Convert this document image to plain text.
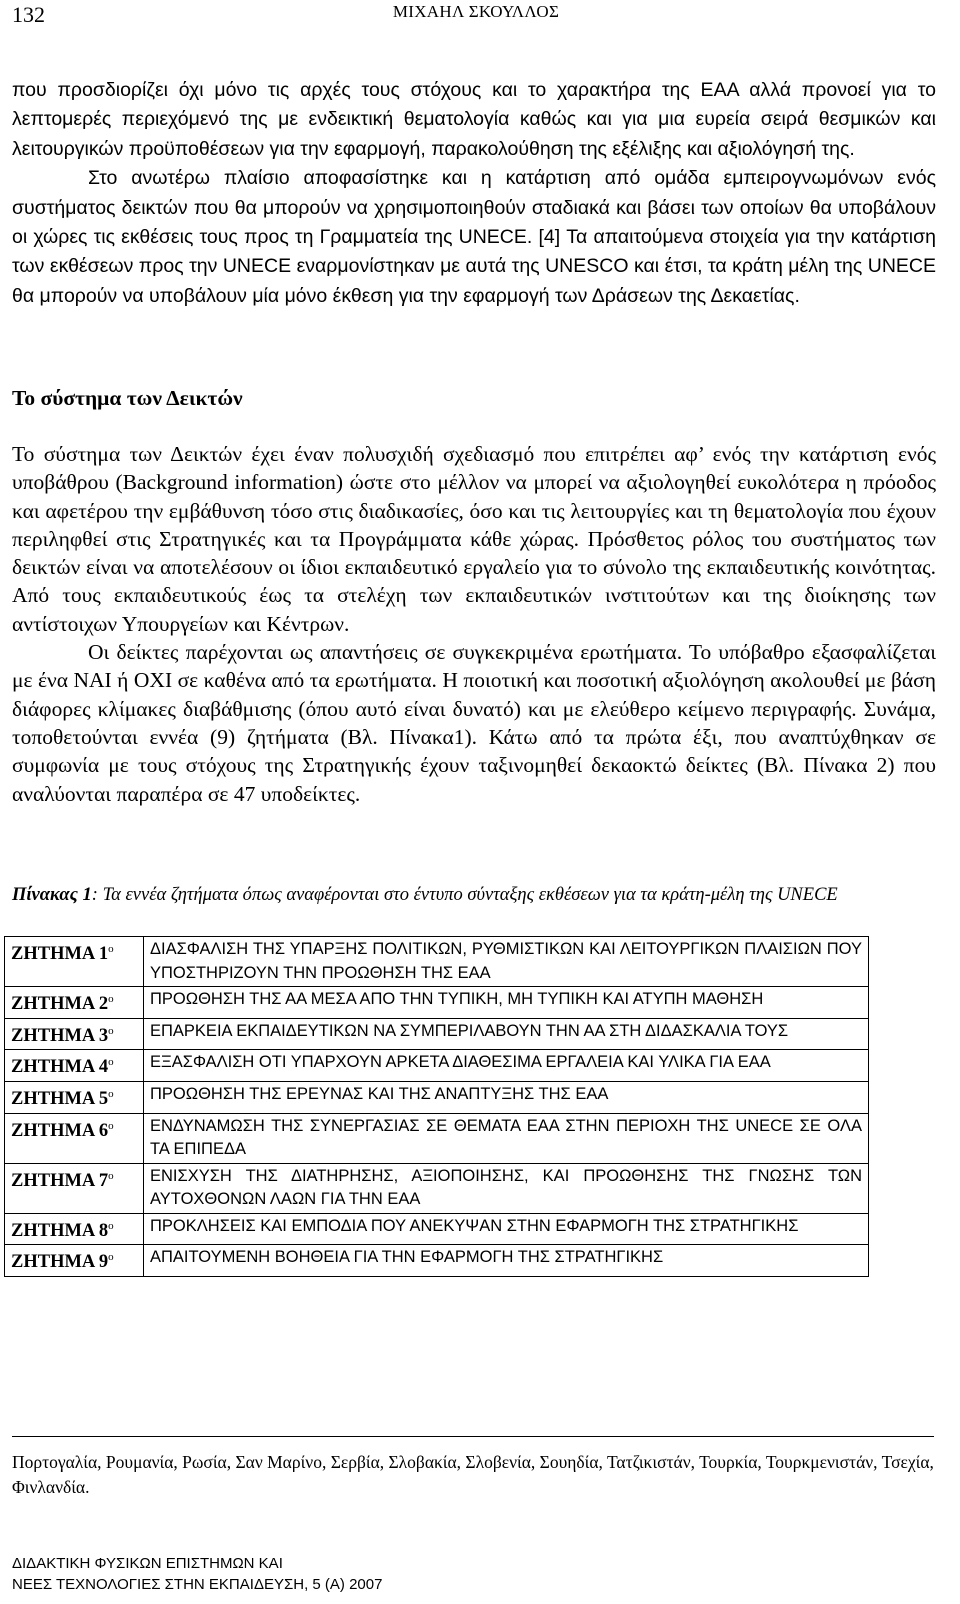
132	ΜΙΧΑΗΛ ΣΚΟΥΛΛΟΣ
που προσδιορίζει όχι μόνο τις αρχές τους στόχους και το χαρακτήρα της ΕΑΑ αλλά προνοεί για το λεπτομερές περιεχόμενό της με ενδεικτική θεματολογία καθώς και για μια ευρεία σειρά θεσμικών και λειτουργικών προϋποθέσεων για την εφαρμογή, παρακολούθηση της εξέλιξης και αξιολόγησή της.
Στο ανωτέρω πλαίσιο αποφασίστηκε και η κατάρτιση από ομάδα εμπειρογνωμόνων ενός συστήματος δεικτών που θα μπορούν να χρησιμοποιηθούν σταδιακά και βάσει των οποίων θα υποβάλουν οι χώρες τις εκθέσεις τους προς τη Γραμματεία της UNECE. [4] Τα απαιτούμενα στοιχεία για την κατάρτιση των εκθέσεων προς την UNECE εναρμονίστηκαν με αυτά της UNESCO και έτσι, τα κράτη μέλη της UNECE θα μπορούν να υποβάλουν μία μόνο έκθεση για την εφαρμογή των Δράσεων της Δεκαετίας.
Το σύστημα των Δεικτών
Το σύστημα των Δεικτών έχει έναν πολυσχιδή σχεδιασμό που επιτρέπει αφ’ ενός την κατάρτιση ενός υποβάθρου (Background information) ώστε στο μέλλον να μπορεί να αξιολογηθεί ευκολότερα η πρόοδος και αφετέρου την εμβάθυνση τόσο στις διαδικασίες, όσο και τις λειτουργίες και τη θεματολογία που έχουν περιληφθεί στις Στρατηγικές και τα Προγράμματα κάθε χώρας. Πρόσθετος ρόλος του συστήματος των δεικτών είναι να αποτελέσουν οι ίδιοι εκπαιδευτικό εργαλείο για το σύνολο της εκπαιδευτικής κοινότητας. Από τους εκπαιδευτικούς έως τα στελέχη των εκπαιδευτικών ινστιτούτων και της διοίκησης των αντίστοιχων Υπουργείων και Κέντρων.
Οι δείκτες παρέχονται ως απαντήσεις σε συγκεκριμένα ερωτήματα. Το υπόβαθρο εξασφαλίζεται με ένα ΝΑΙ ή ΟΧΙ σε καθένα από τα ερωτήματα. Η ποιοτική και ποσοτική αξιολόγηση ακολουθεί με βάση διάφορες κλίμακες διαβάθμισης (όπου αυτό είναι δυνατό) και με ελεύθερο κείμενο περιγραφής. Συνάμα, τοποθετούνται εννέα (9) ζητήματα (Βλ. Πίνακα1). Κάτω από τα πρώτα έξι, που αναπτύχθηκαν σε συμφωνία με τους στόχους της Στρατηγικής έχουν ταξινομηθεί δεκαοκτώ δείκτες (Βλ. Πίνακα 2) που αναλύονται παραπέρα σε 47 υποδείκτες.

Πίνακας 1: Τα εννέα ζητήματα όπως αναφέρονται στο έντυπο σύνταξης εκθέσεων για τα κράτη-μέλη της UNECE

ΖΗΤΗΜΑ $1^o$	ΔΙΑΣΦΑΛΙΣΗ ΤΗΣ ΥΠΑΡΞΗΣ ΠΟΛΙΤΙΚΩΝ, ΡΥΘΜΙΣΤΙΚΩΝ ΚΑΙ ΛΕΙΤΟΥΡΓΙΚΩΝ ΠΛΑΙΣΙΩΝ ΠΟΥ ΥΠΟΣΤΗΡΙΖΟΥΝ ΤΗΝ ΠΡΟΩΘΗΣΗ ΤΗΣ ΕΑΑ
ΖΗΤΗΜΑ $2^o$	ΠΡΟΩΘΗΣΗ ΤΗΣ ΑΑ ΜΕΣΑ ΑΠΟ ΤΗΝ ΤΥΠΙΚΗ, ΜΗ ΤΥΠΙΚΗ ΚΑΙ ΑΤΥΠΗ ΜΑΘΗΣΗ
ΖΗΤΗΜΑ $3^o$	ΕΠΑΡΚΕΙΑ ΕΚΠΑΙΔΕΥΤΙΚΩΝ ΝΑ ΣΥΜΠΕΡΙΛΑΒΟΥΝ ΤΗΝ ΑΑ ΣΤΗ ΔΙΔΑΣΚΑΛΙΑ ΤΟΥΣ
ΖΗΤΗΜΑ $4^o$	ΕΞΑΣΦΑΛΙΣΗ ΟΤΙ ΥΠΑΡΧΟΥΝ ΑΡΚΕΤΑ ΔΙΑΘΕΣΙΜΑ ΕΡΓΑΛΕΙΑ ΚΑΙ ΥΛΙΚΑ ΓΙΑ ΕΑΑ
ΖΗΤΗΜΑ $5^o$	ΠΡΟΩΘΗΣΗ ΤΗΣ ΕΡΕΥΝΑΣ ΚΑΙ ΤΗΣ ΑΝΑΠΤΥΞΗΣ ΤΗΣ ΕΑΑ
ΖΗΤΗΜΑ $6^o$	ΕΝΔΥΝΑΜΩΣΗ ΤΗΣ ΣΥΝΕΡΓΑΣΙΑΣ ΣΕ ΘΕΜΑΤΑ ΕΑΑ ΣΤΗΝ ΠΕΡΙΟΧΗ ΤΗΣ UNECE ΣΕ ΟΛΑ ΤΑ ΕΠΙΠΕΔΑ
ΖΗΤΗΜΑ $7^o$	ΕΝΙΣΧΥΣΗ ΤΗΣ ΔΙΑΤΗΡΗΣΗΣ, ΑΞΙΟΠΟΙΗΣΗΣ, ΚΑΙ ΠΡΟΩΘΗΣΗΣ ΤΗΣ ΓΝΩΣΗΣ ΤΩΝ ΑΥΤΟΧΘΟΝΩΝ ΛΑΩΝ ΓΙΑ ΤΗΝ ΕΑΑ
ΖΗΤΗΜΑ $8^o$	ΠΡΟΚΛΗΣΕΙΣ ΚΑΙ ΕΜΠΟΔΙΑ ΠΟΥ ΑΝΕΚΥΨΑΝ ΣΤΗΝ ΕΦΑΡΜΟΓΗ ΤΗΣ ΣΤΡΑΤΗΓΙΚΗΣ
ΖΗΤΗΜΑ $9^o$	ΑΠΑΙΤΟΥΜΕΝΗ ΒΟΗΘΕΙΑ ΓΙΑ ΤΗΝ ΕΦΑΡΜΟΓΗ ΤΗΣ ΣΤΡΑΤΗΓΙΚΗΣ

Πορτογαλία, Ρουμανία, Ρωσία, Σαν Μαρίνο, Σερβία, Σλοβακία, Σλοβενία, Σουηδία, Τατζικιστάν, Τουρκία, Τουρκμενιστάν, Τσεχία, Φινλανδία.

ΔΙΔΑΚΤΙΚΗ ΦΥΣΙΚΩΝ ΕΠΙΣΤΗΜΩΝ ΚΑΙ
ΝΕΕΣ ΤΕΧΝΟΛΟΓΙΕΣ ΣΤΗΝ ΕΚΠΑΙΔΕΥΣΗ, 5 (Α) 2007
